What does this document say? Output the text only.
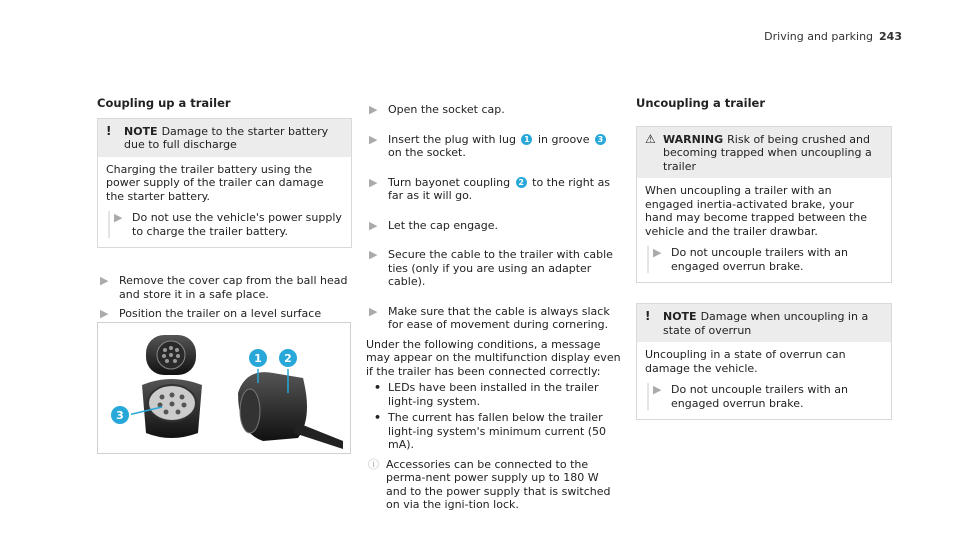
Driving and parking 243
Coupling up a trailer
! NOTE Damage to the starter battery due to full discharge
Charging the trailer battery using the power supply of the trailer can damage the starter battery.
▶ Do not use the vehicle's power supply to charge the trailer battery.
▶ Remove the cover cap from the ball head and store it in a safe place.
▶ Position the trailer on a level surface
1 2
3
▶ Open the socket cap.
▶ Insert the plug with lug 1 in groove 3 on the socket.
▶ Turn bayonet coupling 2 to the right as far as it will go.
▶ Let the cap engage.
▶ Secure the cable to the trailer with cable ties (only if you are using an adapter cable).
▶ Make sure that the cable is always slack for ease of movement during cornering.
Under the following conditions, a message may appear on the multifunction display even if the trailer has been connected correctly:
• LEDs have been installed in the trailer light-ing system.
• The current has fallen below the trailer light-ing system's minimum current (50 mA).
ⓘ Accessories can be connected to the perma-nent power supply up to 180 W and to the power supply that is switched on via the igni-tion lock.
Uncoupling a trailer
⚠ WARNING Risk of being crushed and becoming trapped when uncoupling a trailer
When uncoupling a trailer with an engaged inertia-activated brake, your hand may become trapped between the vehicle and the trailer drawbar.
▶ Do not uncouple trailers with an engaged overrun brake.
! NOTE Damage when uncoupling in a state of overrun
Uncoupling in a state of overrun can damage the vehicle.
▶ Do not uncouple trailers with an engaged overrun brake.
